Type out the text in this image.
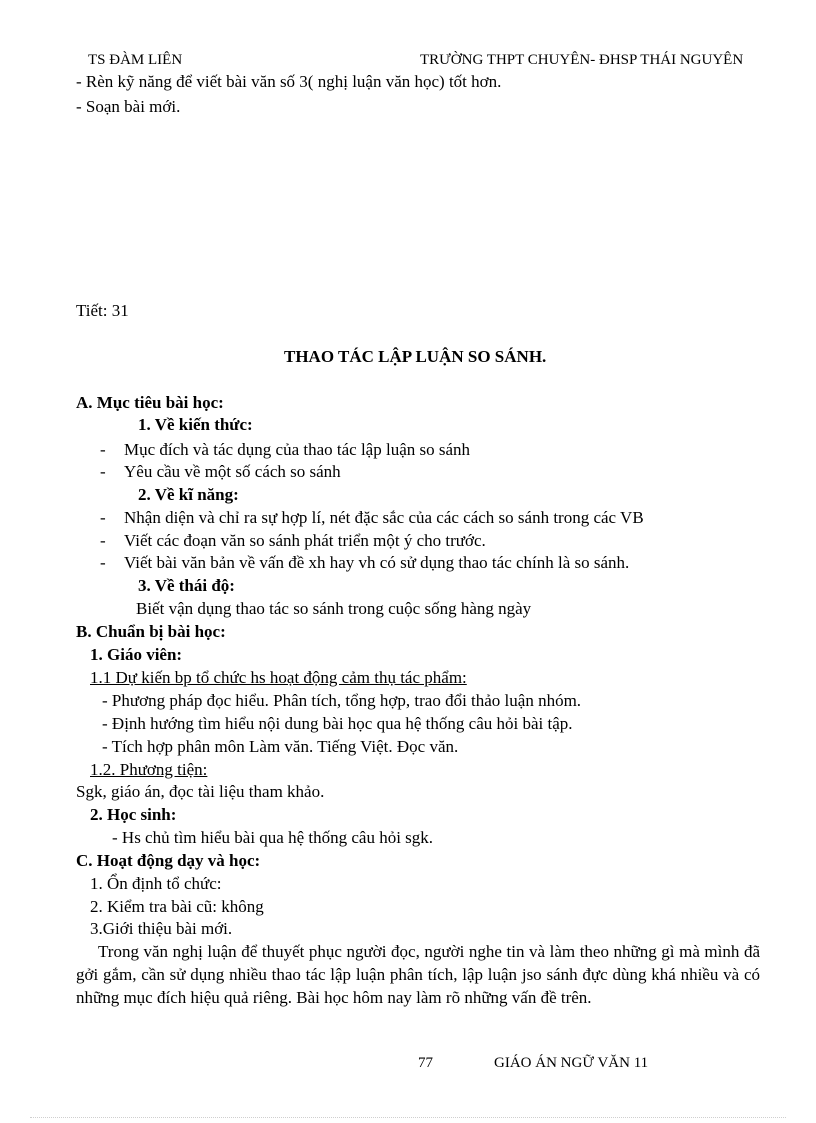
TS ĐÀM LIÊN	TRƯỜNG THPT CHUYÊN- ĐHSP THÁI NGUYÊN
- Rèn kỹ năng để viết bài văn số 3( nghị luận văn học) tốt hơn.
- Soạn bài mới.
Tiết: 31
THAO TÁC LẬP LUẬN SO SÁNH.
A. Mục tiêu bài học:
1. Về kiến thức:
- Mục đích và tác dụng của thao tác lập luận so sánh
- Yêu cầu về một số cách so sánh
2. Về kĩ năng:
- Nhận diện và chỉ ra sự hợp lí, nét đặc sắc của các cách so sánh trong các VB
- Viết các đoạn văn so sánh phát triển một ý cho trước.
- Viết bài văn bản về vấn đề xh hay vh có sử dụng thao tác chính là so sánh.
3. Về thái độ:
Biết vận dụng thao tác so sánh trong cuộc sống hàng ngày
B. Chuẩn bị bài học:
1. Giáo viên:
1.1 Dự kiến bp tổ chức hs hoạt động cảm thụ tác phẩm:
- Phương pháp đọc hiểu. Phân tích, tổng hợp, trao đổi thảo luận nhóm.
- Định hướng tìm hiểu nội dung bài học qua hệ thống câu hỏi bài tập.
- Tích hợp phân môn Làm văn. Tiếng Việt. Đọc văn.
1.2. Phương tiện:
Sgk, giáo án, đọc tài liệu tham khảo.
2. Học sinh:
- Hs chủ tìm hiểu bài qua hệ thống câu hỏi sgk.
C. Hoạt động dạy và học:
1. Ổn định tổ chức:
2. Kiểm tra bài cũ: không
3.Giới thiệu bài mới.
Trong văn nghị luận để thuyết phục người đọc, người nghe tin và làm theo những gì mà mình đã gởi gắm, cần sử dụng nhiều thao tác lập luận phân tích, lập luận jso sánh đực dùng khá nhiều và có những mục đích hiệu quả riêng. Bài học hôm nay làm rõ những vấn đề trên.
77	GIÁO ÁN NGỮ VĂN 11
